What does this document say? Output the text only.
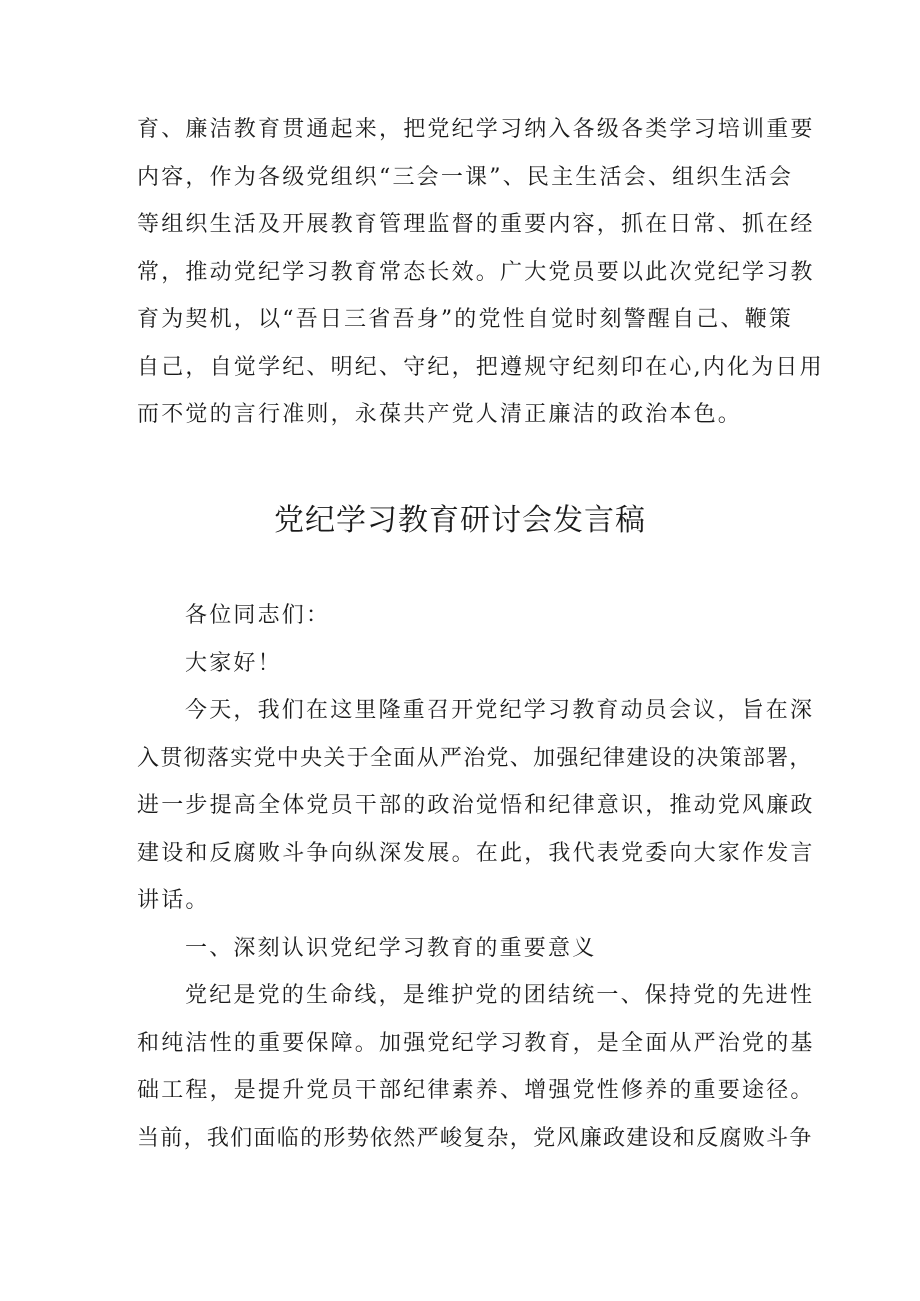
育、廉洁教育贯通起来，把党纪学习纳入各级各类学习培训重要
内容，作为各级党组织“三会一课”、民主生活会、组织生活会
等组织生活及开展教育管理监督的重要内容，抓在日常、抓在经
常，推动党纪学习教育常态长效。广大党员要以此次党纪学习教
育为契机，以“吾日三省吾身”的党性自觉时刻警醒自己、鞭策
自己，自觉学纪、明纪、守纪，把遵规守纪刻印在心,内化为日用
而不觉的言行准则，永葆共产党人清正廉洁的政治本色。
党纪学习教育研讨会发言稿
各位同志们：
大家好！
今天，我们在这里隆重召开党纪学习教育动员会议，旨在深
入贯彻落实党中央关于全面从严治党、加强纪律建设的决策部署，
进一步提高全体党员干部的政治觉悟和纪律意识，推动党风廉政
建设和反腐败斗争向纵深发展。在此，我代表党委向大家作发言
讲话。
一、深刻认识党纪学习教育的重要意义
党纪是党的生命线，是维护党的团结统一、保持党的先进性
和纯洁性的重要保障。加强党纪学习教育，是全面从严治党的基
础工程，是提升党员干部纪律素养、增强党性修养的重要途径。
当前，我们面临的形势依然严峻复杂，党风廉政建设和反腐败斗争
